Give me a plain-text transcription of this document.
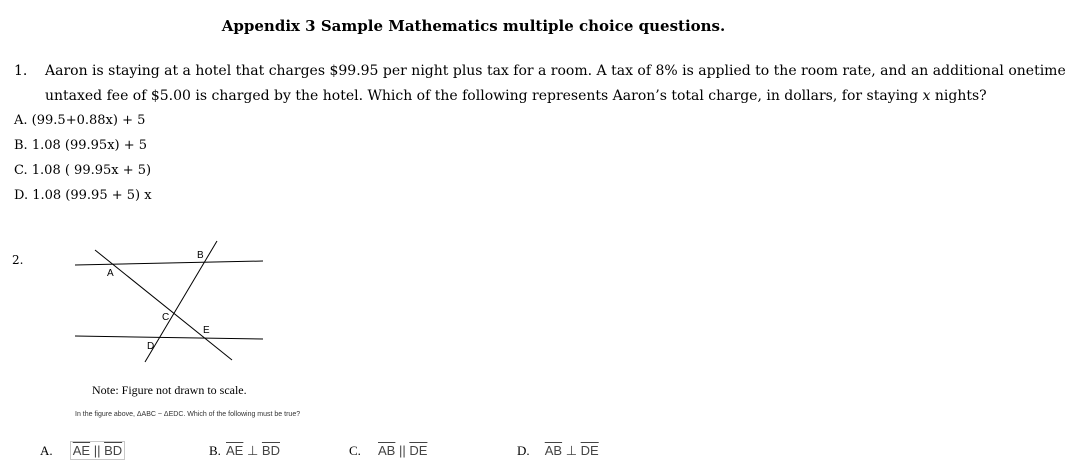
Appendix 3 Sample Mathematics multiple choice questions.
1. Aaron is staying at a hotel that charges $99.95 per night plus tax for a room. A tax of 8% is applied to the room rate, and an additional onetime
untaxed fee of $5.00 is charged by the hotel. Which of the following represents Aaron’s total charge, in dollars, for staying x nights?
A. (99.5+0.88x) + 5
B. 1.08 (99.95x) + 5
C. 1.08 ( 99.95x + 5)
D. 1.08 (99.95 + 5) x
2.
A
B
C
D
E
Note: Figure not drawn to scale.
In the figure above, ΔABC ~ ΔEDC. Which of the following must be true?
A. $\overline{AE}$ || $\overline{BD}$	B. $\overline{AE}$ ⊥ $\overline{BD}$	C. $\overline{AB}$ || $\overline{DE}$	D. $\overline{AB}$ ⊥ $\overline{DE}$
